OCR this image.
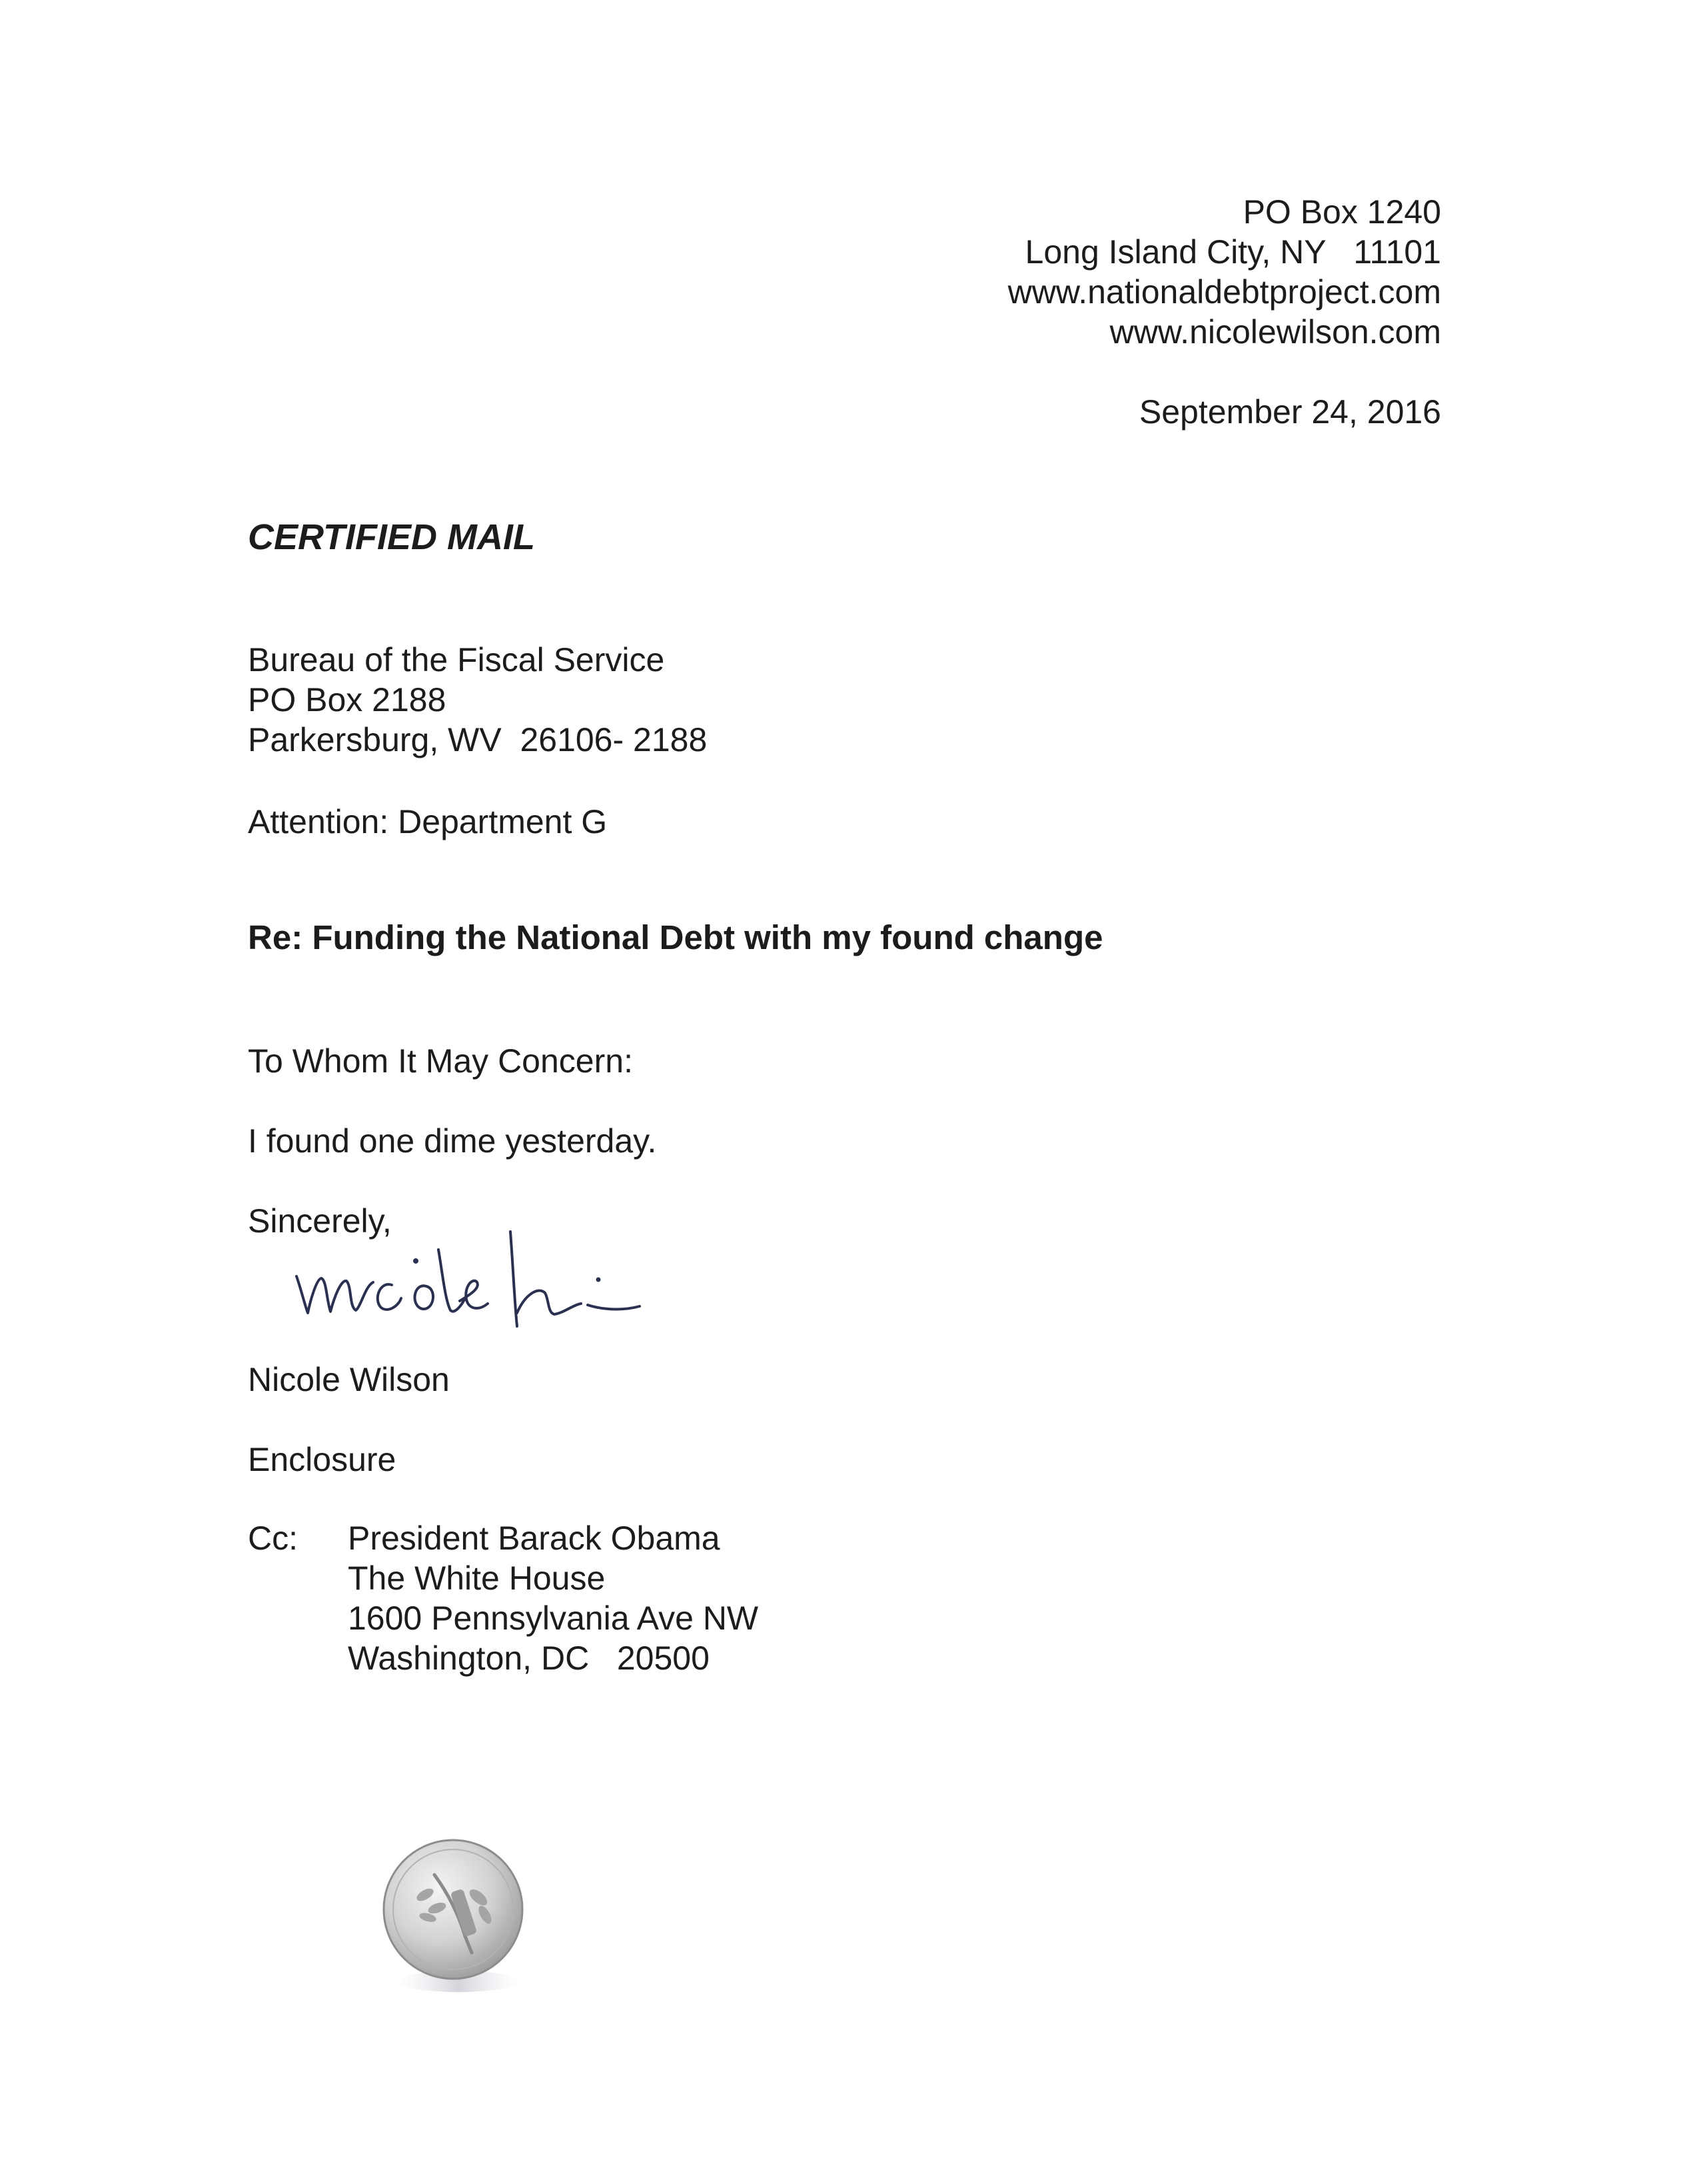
PO Box 1240
Long Island City, NY   11101
www.nationaldebtproject.com
www.nicolewilson.com
September 24, 2016
CERTIFIED MAIL
Bureau of the Fiscal Service
PO Box 2188
Parkersburg, WV  26106- 2188
Attention: Department G
Re: Funding the National Debt with my found change
To Whom It May Concern:
I found one dime yesterday.
Sincerely,
Nicole Wilson
Enclosure
Cc: President Barack Obama
The White House
1600 Pennsylvania Ave NW
Washington, DC   20500
